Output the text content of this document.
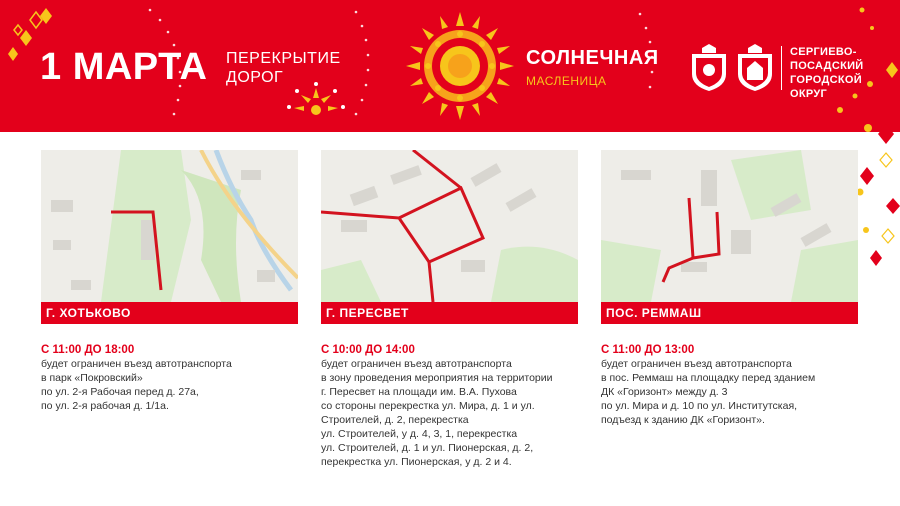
1 МАРТА ПЕРЕКРЫТИЕ
ДОРОГ
СОЛНЕЧНАЯ
МАСЛЕНИЦА
СЕРГИЕВО-
ПОСАДСКИЙ
ГОРОДСКОЙ
ОКРУГ
Г. ХОТЬКОВО
С 11:00 ДО 18:00
будет ограничен въезд автотранспорта
в парк «Покровский»
по ул. 2-я Рабочая перед д. 27а,
по ул. 2-я рабочая д. 1/1а.
Г. ПЕРЕСВЕТ
С 10:00 ДО 14:00
будет ограничен въезд автотранспорта
в зону проведения мероприятия на территории
г. Пересвет на площади им. В.А. Пухова
со стороны перекрестка ул. Мира, д. 1 и ул.
Строителей, д. 2, перекрестка
ул. Строителей, у д. 4, 3, 1, перекрестка
ул. Строителей, д. 1 и ул. Пионерская, д. 2,
перекрестка ул. Пионерская, у д. 2 и 4.
ПОС. РЕММАШ
С 11:00 ДО 13:00
будет ограничен въезд автотранспорта
в пос. Реммаш на площадку перед зданием
ДК «Горизонт» между д. 3
по ул. Мира и д. 10 по ул. Институтская,
подъезд к зданию ДК «Горизонт».
